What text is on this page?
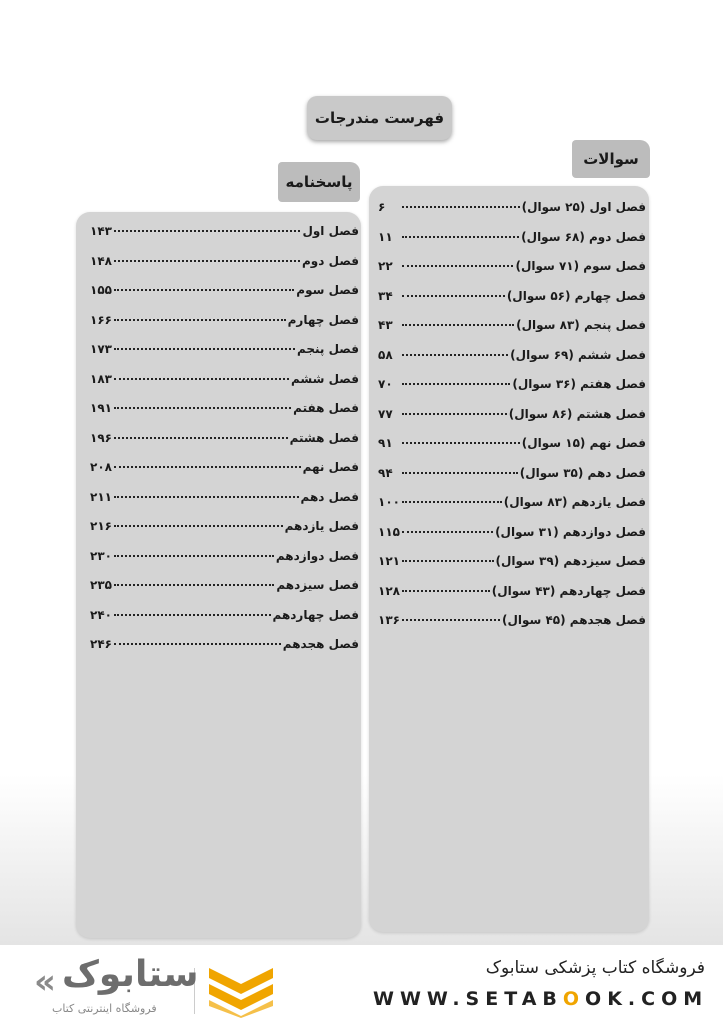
فهرست مندرجات
سوالات
فصل اول (۲۵ سوال)
۶
فصل دوم (۶۸ سوال)
۱۱
فصل سوم (۷۱ سوال)
۲۲
فصل چهارم (۵۶ سوال)
۳۴
فصل پنجم (۸۳ سوال)
۴۳
فصل ششم (۶۹ سوال)
۵۸
فصل هفتم (۳۶ سوال)
۷۰
فصل هشتم (۸۶ سوال)
۷۷
فصل نهم (۱۵ سوال)
۹۱
فصل دهم (۳۵ سوال)
۹۴
فصل یازدهم (۸۳ سوال)
۱۰۰
فصل دوازدهم (۳۱ سوال)
۱۱۵
فصل سیزدهم (۳۹ سوال)
۱۲۱
فصل چهاردهم (۴۳ سوال)
۱۲۸
فصل هجدهم (۴۵ سوال)
۱۳۶
پاسخنامه
فصل اول
۱۴۳
فصل دوم
۱۴۸
فصل سوم
۱۵۵
فصل چهارم
۱۶۶
فصل پنجم
۱۷۳
فصل ششم
۱۸۳
فصل هفتم
۱۹۱
فصل هشتم
۱۹۶
فصل نهم
۲۰۸
فصل دهم
۲۱۱
فصل یازدهم
۲۱۶
فصل دوازدهم
۲۳۰
فصل سیزدهم
۲۳۵
فصل چهاردهم
۲۴۰
فصل هجدهم
۲۴۶
فروشگاه کتاب پزشکی ستابوک
WWW.SETABOOK.COM
« ستابوک
فروشگاه اینترنتی کتاب
